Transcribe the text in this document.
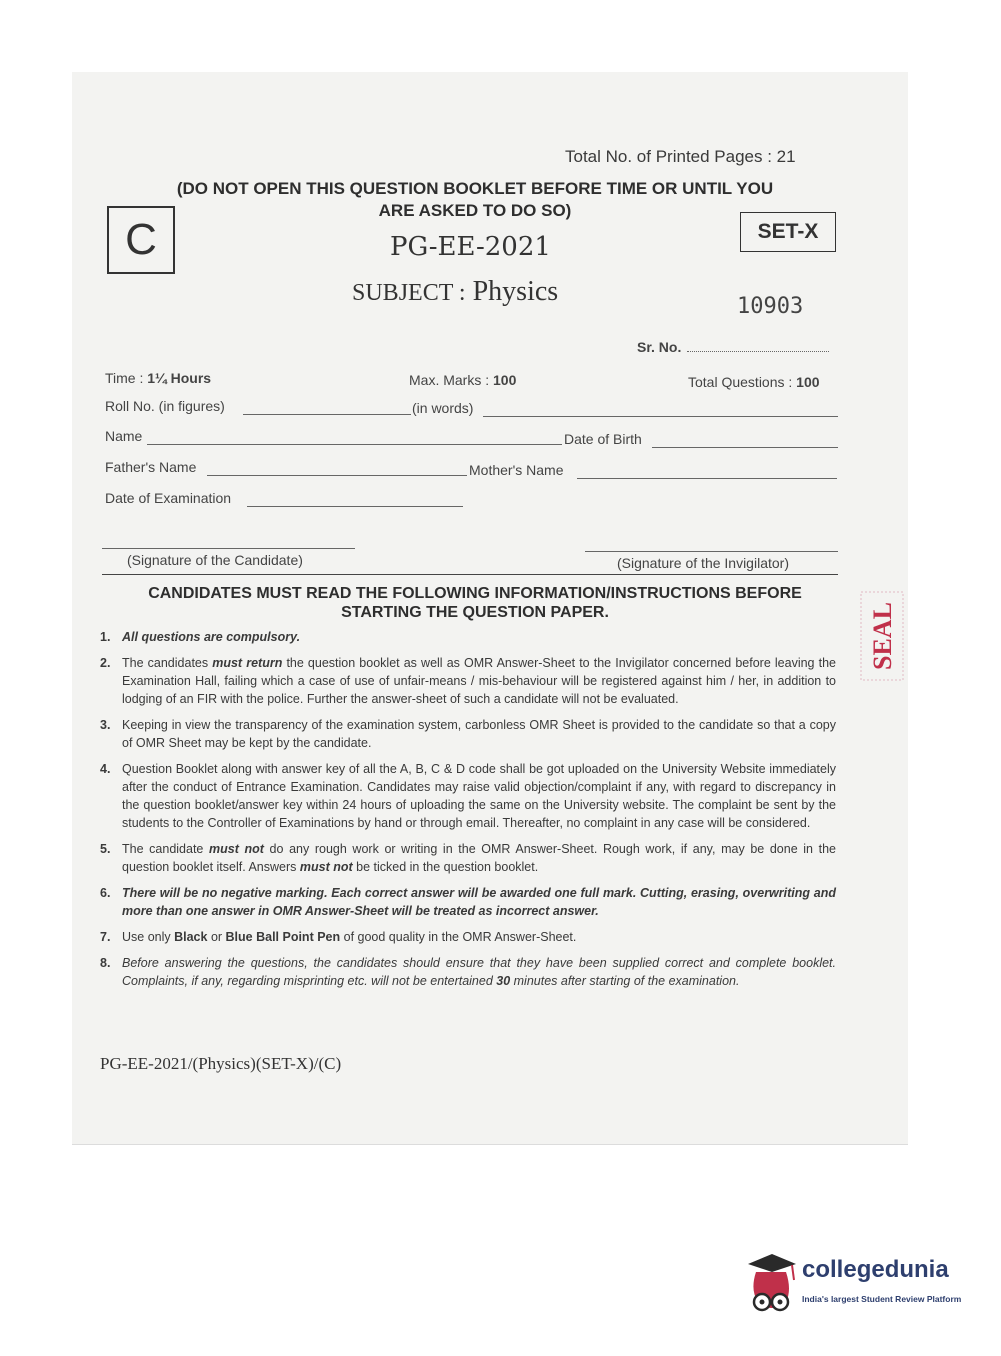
Total No. of Printed Pages : 21
(DO NOT OPEN THIS QUESTION BOOKLET BEFORE TIME OR UNTIL YOU
ARE ASKED TO DO SO)
C	SET-X
PG-EE-2021
SUBJECT : Physics	10903
Sr. No.
Time : 1¼ Hours	Max. Marks : 100	Total Questions : 100
Roll No. (in figures)	(in words)
Name	Date of Birth
Father's Name	Mother's Name
Date of Examination
(Signature of the Candidate)	(Signature of the Invigilator)
CANDIDATES MUST READ THE FOLLOWING INFORMATION/INSTRUCTIONS BEFORE
STARTING THE QUESTION PAPER.
1. All questions are compulsory.
2. The candidates must return the question booklet as well as OMR Answer-Sheet to the Invigilator concerned before leaving the Examination Hall, failing which a case of use of unfair-means / mis-behaviour will be registered against him / her, in addition to lodging of an FIR with the police. Further the answer-sheet of such a candidate will not be evaluated.
3. Keeping in view the transparency of the examination system, carbonless OMR Sheet is provided to the candidate so that a copy of OMR Sheet may be kept by the candidate.
4. Question Booklet along with answer key of all the A, B, C & D code shall be got uploaded on the University Website immediately after the conduct of Entrance Examination. Candidates may raise valid objection/complaint if any, with regard to discrepancy in the question booklet/answer key within 24 hours of uploading the same on the University website. The complaint be sent by the students to the Controller of Examinations by hand or through email. Thereafter, no complaint in any case will be considered.
5. The candidate must not do any rough work or writing in the OMR Answer-Sheet. Rough work, if any, may be done in the question booklet itself. Answers must not be ticked in the question booklet.
6. There will be no negative marking. Each correct answer will be awarded one full mark. Cutting, erasing, overwriting and more than one answer in OMR Answer-Sheet will be treated as incorrect answer.
7. Use only Black or Blue Ball Point Pen of good quality in the OMR Answer-Sheet.
8. Before answering the questions, the candidates should ensure that they have been supplied correct and complete booklet. Complaints, if any, regarding misprinting etc. will not be entertained 30 minutes after starting of the examination.
PG-EE-2021/(Physics)(SET-X)/(C)
SEAL
collegedunia
India's largest Student Review Platform
